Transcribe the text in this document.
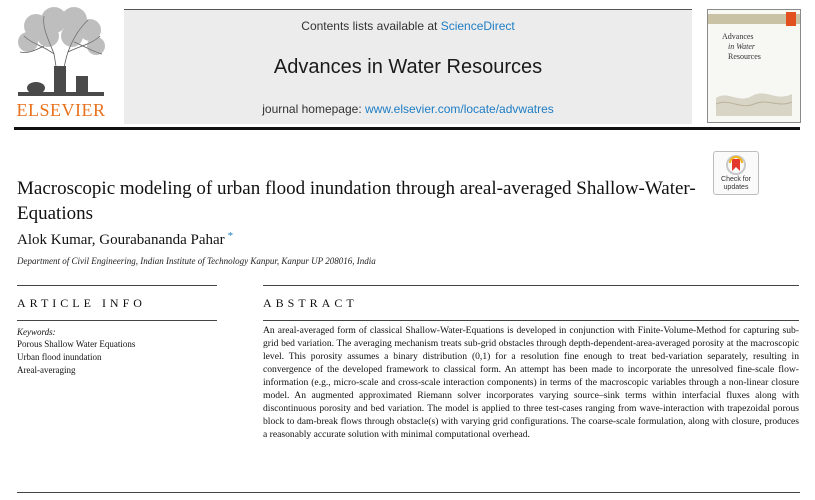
ELSEVIER
Contents lists available at ScienceDirect
Advances in Water Resources
journal homepage: www.elsevier.com/locate/advwatres
Advances
in Water
Resources
Check for
updates
Macroscopic modeling of urban flood inundation through areal-averaged Shallow-Water-Equations
Alok Kumar, Gourabananda Pahar *
Department of Civil Engineering, Indian Institute of Technology Kanpur, Kanpur UP 208016, India
ARTICLE INFO
Keywords:
Porous Shallow Water Equations
Urban flood inundation
Areal-averaging
ABSTRACT

An areal-averaged form of classical Shallow-Water-Equations is developed in conjunction with Finite-Volume-Method for capturing sub-grid bed variation. The averaging mechanism treats sub-grid obstacles through depth-dependent-area-averaged porosity at the macroscopic level. This porosity assumes a binary distribution (0,1) for a resolution fine enough to treat bed-variation separately, resulting in convergence of the developed framework to classical form. An attempt has been made to incorporate the unresolved fine-scale flow-information (e.g., micro-scale and cross-scale interaction components) in terms of the macroscopic variables through a non-linear closure model. An augmented approximated Riemann solver incorporates varying source–sink terms within interfacial fluxes along with discontinuous porosity and bed variation. The model is applied to three test-cases ranging from wave-interaction with trapezoidal porous block to dam-break flows through obstacle(s) with varying grid configurations. The coarse-scale formulation, along with closure, produces a reasonably accurate solution with minimal computational overhead.
